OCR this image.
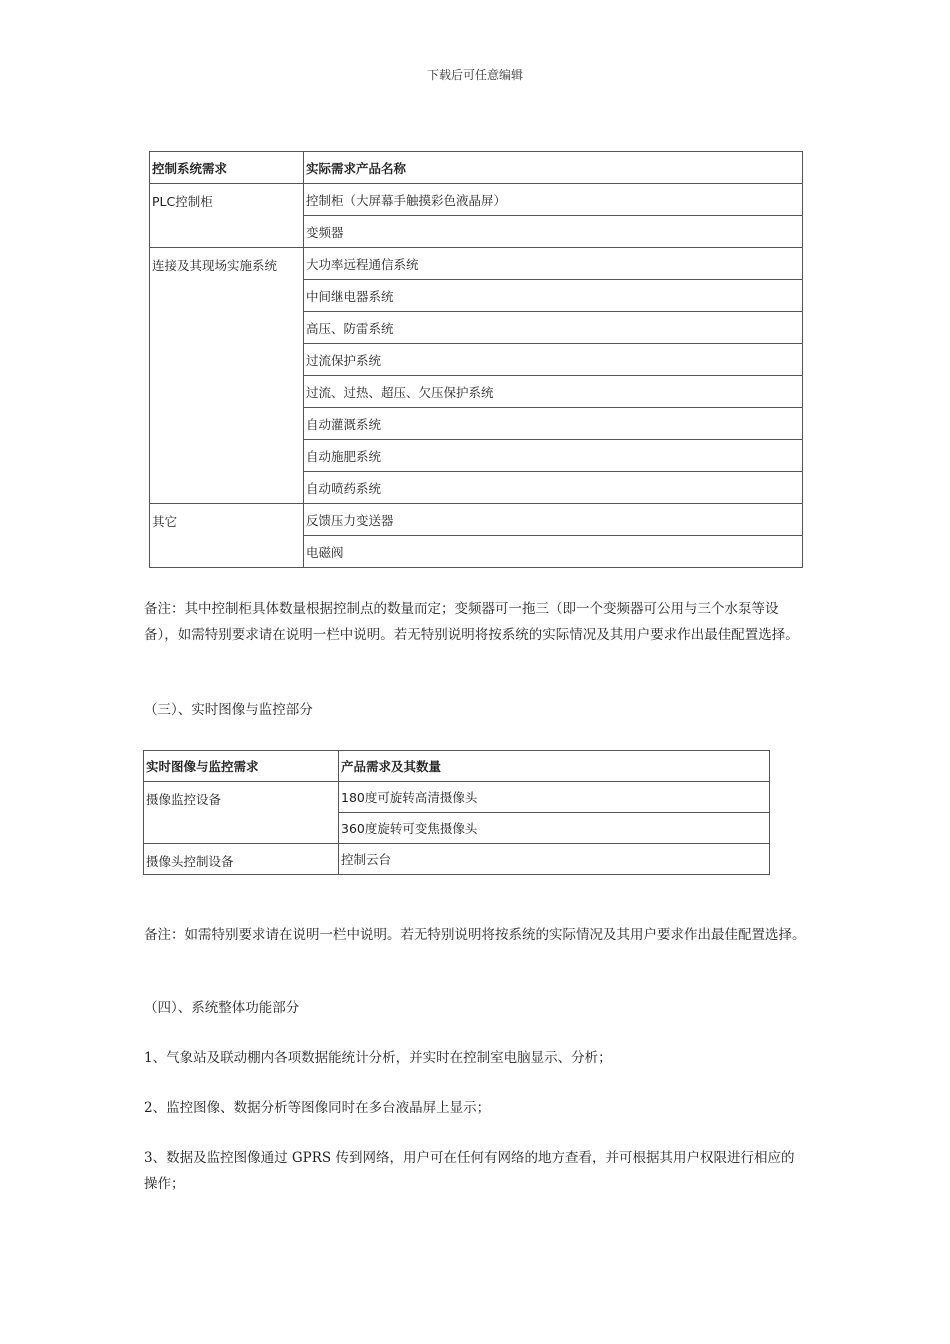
下载后可任意编辑
控制系统需求	实际需求产品名称
PLC控制柜	控制柜（大屏幕手触摸彩色液晶屏）
	变频器
连接及其现场实施系统	大功率远程通信系统
	中间继电器系统
	高压、防雷系统
	过流保护系统
	过流、过热、超压、欠压保护系统
	自动灌溉系统
	自动施肥系统
	自动喷药系统
其它	反馈压力变送器
	电磁阀

备注：其中控制柜具体数量根据控制点的数量而定；变频器可一拖三（即一个变频器可公用与三个水泵等设备），如需特别要求请在说明一栏中说明。若无特别说明将按系统的实际情况及其用户要求作出最佳配置选择。

（三）、实时图像与监控部分

实时图像与监控需求	产品需求及其数量
摄像监控设备	180度可旋转高清摄像头
	360度旋转可变焦摄像头
摄像头控制设备	控制云台

备注：如需特别要求请在说明一栏中说明。若无特别说明将按系统的实际情况及其用户要求作出最佳配置选择。

（四）、系统整体功能部分

1、气象站及联动棚内各项数据能统计分析，并实时在控制室电脑显示、分析；

2、监控图像、数据分析等图像同时在多台液晶屏上显示；

3、数据及监控图像通过 GPRS 传到网络，用户可在任何有网络的地方查看，并可根据其用户权限进行相应的操作；
